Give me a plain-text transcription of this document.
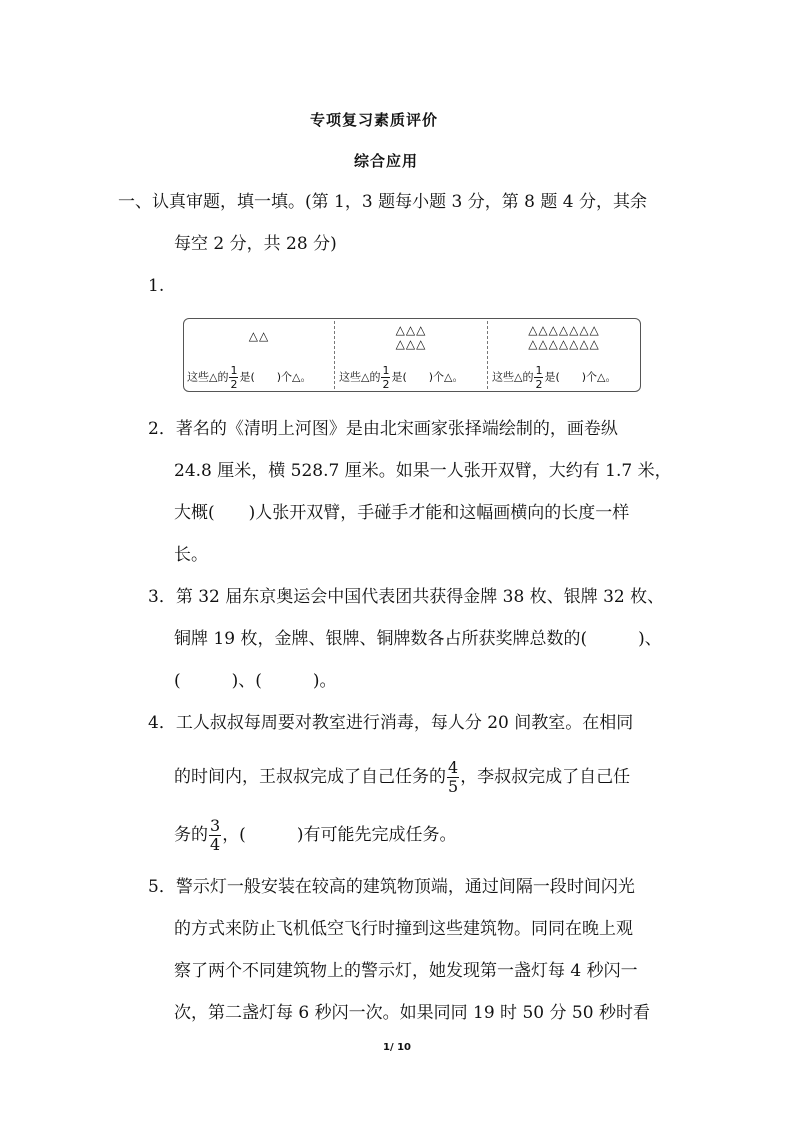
专项复习素质评价
综合应用
一、认真审题，填一填。(第 1，3 题每小题 3 分，第 8 题 4 分，其余
每空 2 分，共 28 分)
1.
△△
这些△的 $\frac{1}{2}$ 是(　　)个△。
△△△
△△△
这些△的 $\frac{1}{2}$ 是(　　)个△。
△△△△△△△
△△△△△△△
这些△的 $\frac{1}{2}$ 是(　　)个△。
2．著名的《清明上河图》是由北宋画家张择端绘制的，画卷纵
24.8 厘米，横 528.7 厘米。如果一人张开双臂，大约有 1.7 米，
大概(　　)人张开双臂，手碰手才能和这幅画横向的长度一样
长。
3．第 32 届东京奥运会中国代表团共获得金牌 38 枚、银牌 32 枚、
铜牌 19 枚，金牌、银牌、铜牌数各占所获奖牌总数的(　　　)、
(　　　)、(　　　)。
4．工人叔叔每周要对教室进行消毒，每人分 20 间教室。在相同
的时间内，王叔叔完成了自己任务的 $\frac{4}{5}$ ，李叔叔完成了自己任
务的 $\frac{3}{4}$ ，(　　　)有可能先完成任务。
5．警示灯一般安装在较高的建筑物顶端，通过间隔一段时间闪光
的方式来防止飞机低空飞行时撞到这些建筑物。同同在晚上观
察了两个不同建筑物上的警示灯，她发现第一盏灯每 4 秒闪一
次，第二盏灯每 6 秒闪一次。如果同同 19 时 50 分 50 秒时看
1/ 10
